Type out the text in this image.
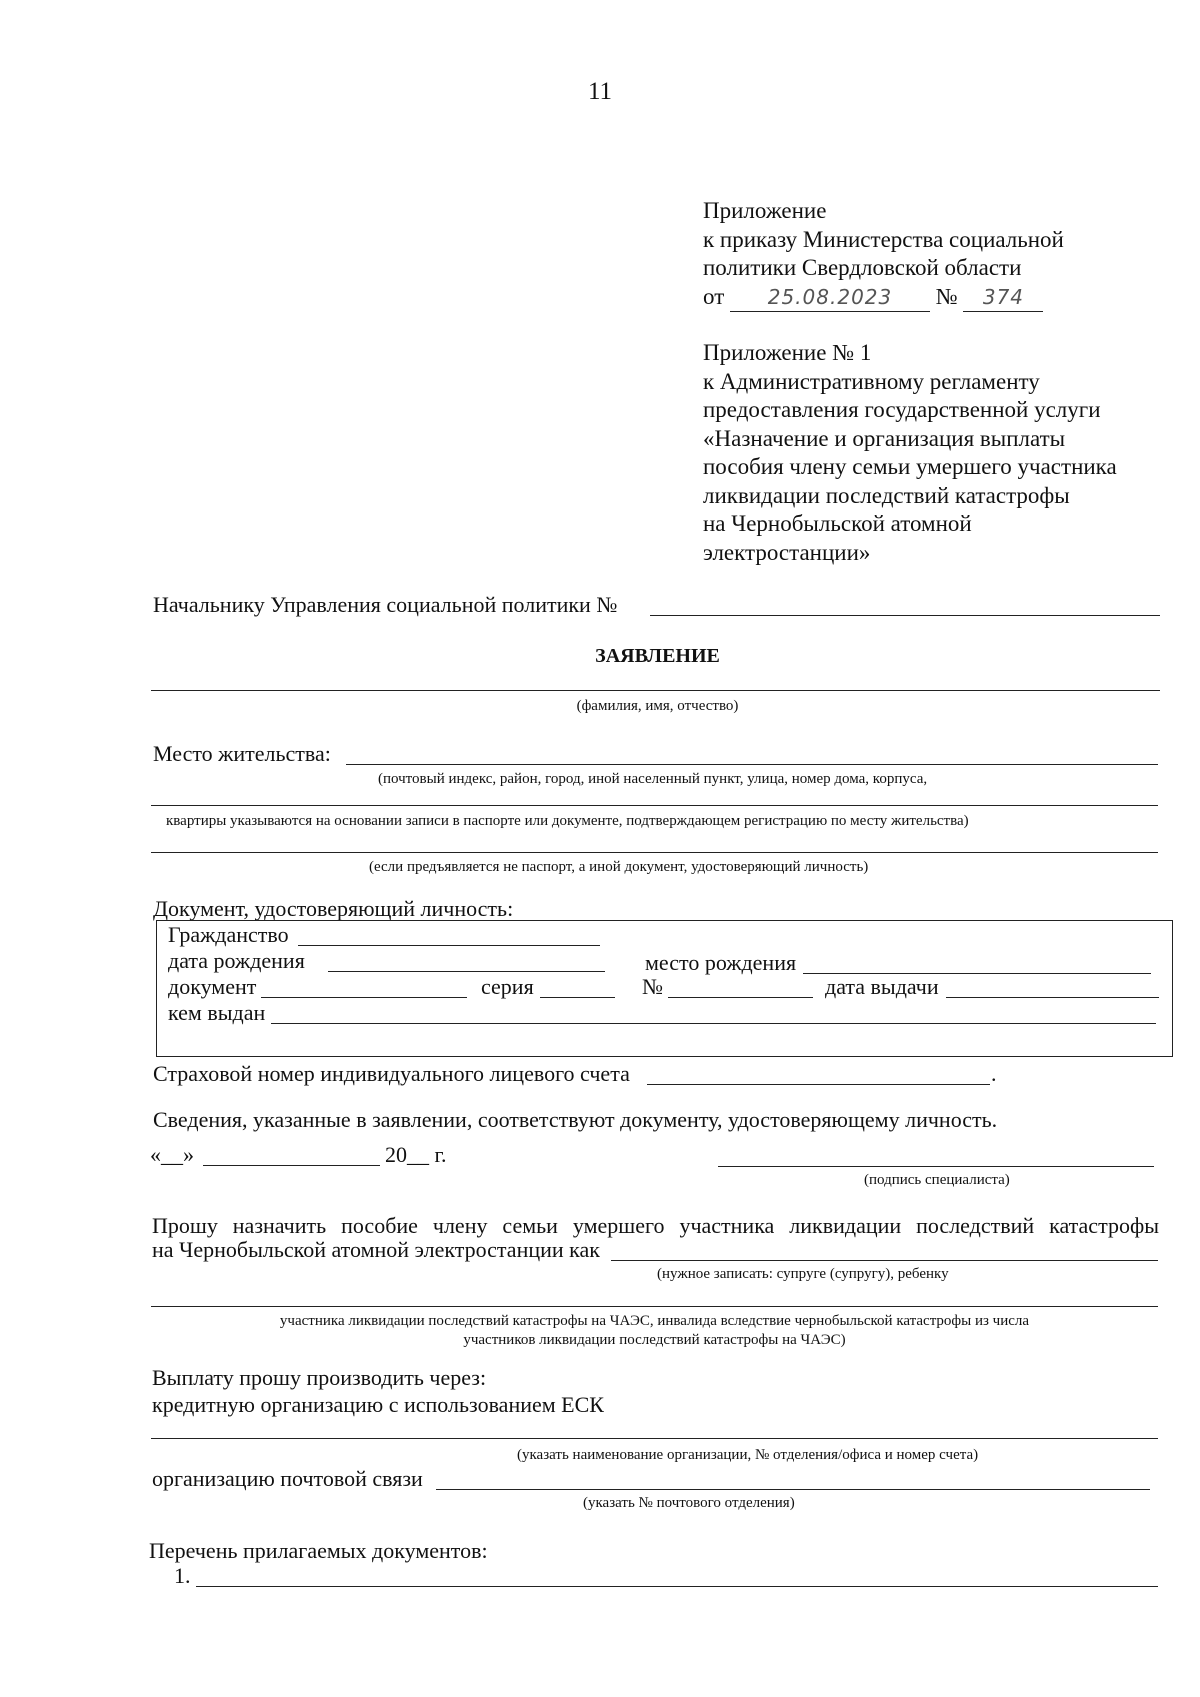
11
Приложение
к приказу Министерства социальной
политики Свердловской области
от 25.08.2023 № 374
Приложение № 1
к Административному регламенту
предоставления государственной услуги
«Назначение и организация выплаты
пособия члену семьи умершего участника
ликвидации последствий катастрофы
на Чернобыльской атомной
электростанции»
Начальнику Управления социальной политики №
ЗАЯВЛЕНИЕ
(фамилия, имя, отчество)
Место жительства:
(почтовый индекс, район, город, иной населенный пункт, улица, номер дома, корпуса,
квартиры указываются на основании записи в паспорте или документе, подтверждающем регистрацию по месту жительства)
(если предъявляется не паспорт, а иной документ, удостоверяющий личность)
Документ, удостоверяющий личность:
Гражданство
дата рождения	место рождения
документ	серия	№	дата выдачи
кем выдан
Страховой номер индивидуального лицевого счета	.
Сведения, указанные в заявлении, соответствуют документу, удостоверяющему личность.
«__»	20__ г.
(подпись специалиста)
Прошу назначить пособие члену семьи умершего участника ликвидации последствий катастрофы
на Чернобыльской атомной электростанции как
(нужное записать: супруге (супругу), ребенку
участника ликвидации последствий катастрофы на ЧАЭС, инвалида вследствие чернобыльской катастрофы из числа
участников ликвидации последствий катастрофы на ЧАЭС)
Выплату прошу производить через:
кредитную организацию с использованием ЕСК
(указать наименование организации, № отделения/офиса и номер счета)
организацию почтовой связи
(указать № почтового отделения)
Перечень прилагаемых документов:
1.
